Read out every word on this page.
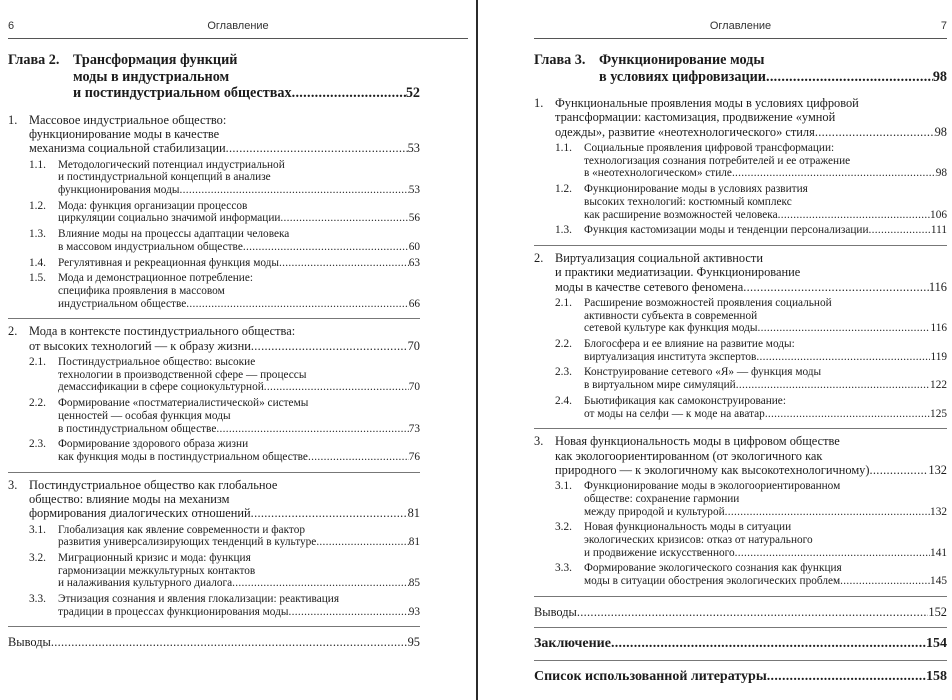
6	Оглавление
Глава 2. Трансформация функций
моды в индустриальном
и постиндустриальном обществах .....	52
1. Массовое индустриальное общество:
функционирование моды в качестве
механизма социальной стабилизации .....	53
1.1. Методологический потенциал индустриальной
и постиндустриальной концепций в анализе
функционирования моды .....	53
1.2. Мода: функция организации процессов
циркуляции социально значимой информации .....	56
1.3. Влияние моды на процессы адаптации человека
в массовом индустриальном обществе .....	60
1.4. Регулятивная и рекреационная функция моды .....	63
1.5. Мода и демонстрационное потребление:
специфика проявления в массовом
индустриальном обществе .....	66
2. Мода в контексте постиндустриального общества:
от высоких технологий — к образу жизни .....	70
2.1. Постиндустриальное общество: высокие
технологии в производственной сфере — процессы
демассификации в сфере социокультурной .....	70
2.2. Формирование «постматериалистической» системы
ценностей — особая функция моды
в постиндустриальном обществе .....	73
2.3. Формирование здорового образа жизни
как функция моды в постиндустриальном обществе .....	76
3. Постиндустриальное общество как глобальное
общество: влияние моды на механизм
формирования диалогических отношений .....	81
3.1. Глобализация как явление современности и фактор
развития универсализирующих тенденций в культуре .....	81
3.2. Миграционный кризис и мода: функция
гармонизации межкультурных контактов
и налаживания культурного диалога .....	85
3.3. Этнизация сознания и явления глокализации: реактивация
традиции в процессах функционирования моды .....	93
Выводы .....	95
7
Оглавление
Глава 3. Функционирование моды
в условиях цифровизации .....	98
1. Функциональные проявления моды в условиях цифровой
трансформации: кастомизация, продвижение «умной
одежды», развитие «неотехнологического» стиля .....	98
1.1. Социальные проявления цифровой трансформации:
технологизация сознания потребителей и ее отражение
в «неотехнологическом» стиле .....	98
1.2. Функционирование моды в условиях развития
высоких технологий: костюмный комплекс
как расширение возможностей человека .....	106
1.3. Функция кастомизации моды и тенденции персонализации .....	111
2. Виртуализация социальной активности
и практики медиатизации. Функционирование
моды в качестве сетевого феномена .....	116
2.1. Расширение возможностей проявления социальной
активности субъекта в современной
сетевой культуре как функция моды .....	116
2.2. Блогосфера и ее влияние на развитие моды:
виртуализация института экспертов .....	119
2.3. Конструирование сетевого «Я» — функция моды
в виртуальном мире симуляций .....	122
2.4. Бьютификация как самоконструирование:
от моды на селфи — к моде на аватар .....	125
3. Новая функциональность моды в цифровом обществе
как экологоориентированном (от экологичного как
природного — к экологичному как высокотехнологичному) .....	132
3.1. Функционирование моды в экологоориентированном
обществе: сохранение гармонии
между природой и культурой .....	132
3.2. Новая функциональность моды в ситуации
экологических кризисов: отказ от натурального
и продвижение искусственного .....	141
3.3. Формирование экологического сознания как функция
моды в ситуации обострения экологических проблем .....	145
Выводы .....	152
Заключение .....	154
Список использованной литературы .....	158
